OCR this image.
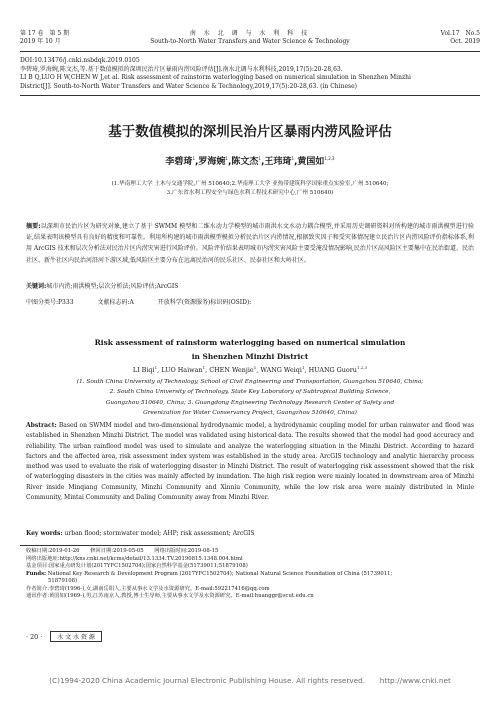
第 17 卷　第 5 期
2019 年 10 月
南 水 北 调 与 水 利 科 技
South-to-North Water Transfers and Water Science & Technology
Vol.17　No.5
Oct. 2019
DOI:10.13476/j.cnki.nsbdqk.2019.0105
李碧琦,罗海婉,陈文杰,等.基于数值模拟的深圳民治片区暴雨内涝风险评估[J].南水北调与水利科技,2019,17(5):20-28,63.
LI B Q,LUO H W,CHEN W J,et al. Risk assessment of rainstorm waterlogging based on numerical simulation in Shenzhen Minzhi
District[J]. South-to-North Water Transfers and Water Science & Technology,2019,17(5):20-28,63. (in Chinese)
基于数值模拟的深圳民治片区暴雨内涝风险评估
李碧琦$^1$,罗海婉$^1$,陈文杰$^1$,王玮琦$^1$,黄国如$^{1,2,3}$
(1.华南理工大学 土木与交通学院,广州 510640;2.华南理工大学 亚热带建筑科学国家重点实验室,广州 510640;
3.广东省水利工程安全与绿色水利工程技术研究中心,广州 510640)
摘要:以深圳市民治片区为研究对象,建立了基于 SWMM 模型和二维水动力学模型的城市雨洪水文水动力耦合模型,并采用历史调研资料对所构建的城市雨洪模型进行验证,结果表明该模型具有良好的精度和可靠性。利用所构建的城市雨洪模型模拟分析民治片区内涝情况,根据致灾因子和受灾体情况建立民治片区内涝风险评价指标体系,利用 ArcGIS 技术和层次分析法对民治片区内涝灾害进行风险评价。风险评价结果表明城市内涝灾害风险主要受淹没情况影响,民治片区高风险区主要集中在民治街道、民治社区、新牛社区内民治河沿河下游区域,低风险区主要分布在远离民治河的民乐社区、民泰社区和大岭社区。
关键词:城市内涝;雨洪模型;层次分析法;风险评估;ArcGIS
中图分类号:P333	文献标志码:A	开放科学(资源服务)标识码(OSID):
Risk assessment of rainstorm waterlogging based on numerical simulation
in Shenzhen Minzhi District
LI Biqi$^1$, LUO Haiwan$^1$, CHEN Wenjie$^1$, WANG Weiqi$^1$, HUANG Guoru$^{1,2,3}$
(1. South China University of Technology, School of Civil Engineering and Transportation, Guangzhou 510640, China;
2. South China University of Technology, State Key Laboratory of Subtropical Building Science,
Guangzhou 510640, China; 3. Guangdong Engineering Technology Research Center of Safety and
Greenization for Water Conservancy Project, Guangzhou 510640, China)
Abstract: Based on SWMM model and two-dimensional hydrodynamic model, a hydrodynamic coupling model for urban rainwater and flood was established in Shenzhen Minzhi District. The model was validated using historical data. The results showed that the model had good accuracy and reliability. The urban rainflood model was used to simulate and analyze the waterlogging situation in the Minzhi District. According to hazard factors and the affected area, risk assessment index system was established in the study area. ArcGIS technology and analytic hierarchy process method was used to evaluate the risk of waterlogging disaster in Minzhi District. The result of waterlogging risk assessment showed that the risk of waterlogging disasters in the cities was mainly affected by inundation. The high risk region were mainly located in downstream area of Minzhi River inside Minqiang Community, Minzhi Community and Xinniu Community, while the low risk area were mainly distributed in Minle Community, Mintai Community and Daling Community away from Minzhi River.
Key words: urban flood; stormwater model; AHP; risk assessment; ArcGIS
收稿日期:2019-01-26　　修回日期:2019-05-05　　网络出版时间:2019-08-15
网络出版地址:http://kns.cnki.net/kcms/detail/13.1334.TV.20190815.1348.004.html
基金项目:国家重点研发计划(2017YFC1502704);国家自然科学基金(51739011;51879108)
Funds: National Key Research & Development Program (2017YFC1502704); National Natural Science Foundation of China (51739011;
51879108)
作者简介:李碧琦(1996-),女,湖南岳阳人,主要从事水文学及水资源研究。E-mail:592217416@qq.com
通讯作者:黄国如(1969-),男,江苏南京人,教授,博士生导师,主要从事水文学及水资源研究。E-mail:huanggr@scut.edu.cn
· 20 ·	水 文 水 资 源
(C)1994-2020 China Academic Journal Electronic Publishing House. All rights reserved.　　http://www.cnki.net
